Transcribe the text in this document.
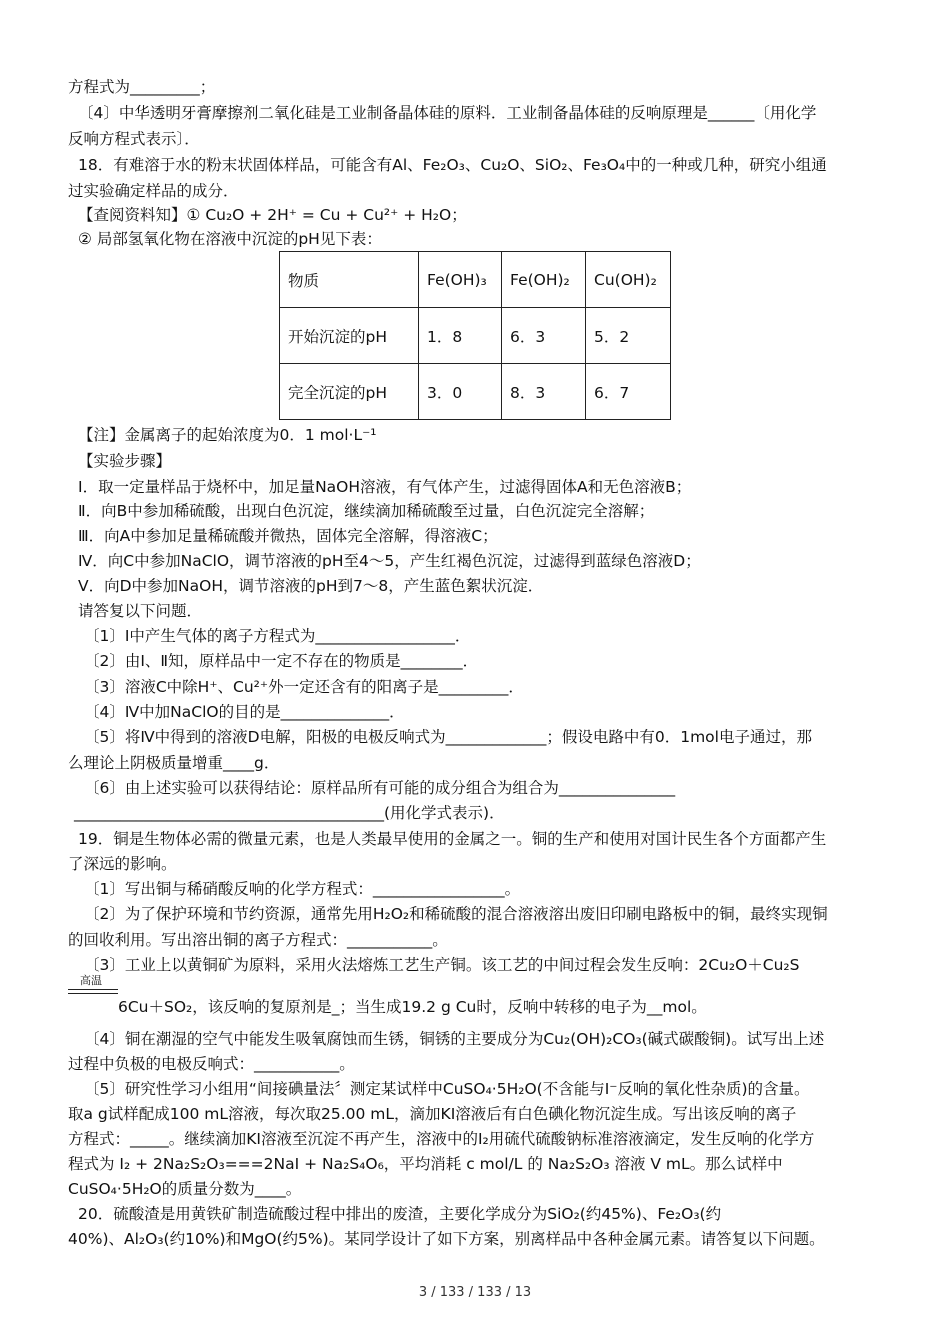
方程式为_________；
〔4〕中华透明牙膏摩擦剂二氧化硅是工业制备晶体硅的原料．工业制备晶体硅的反响原理是______〔用化学
反响方程式表示〕．
18．有难溶于水的粉末状固体样品，可能含有Al、Fe₂O₃、Cu₂O、SiO₂、Fe₃O₄中的一种或几种，研究小组通
过实验确定样品的成分．
【查阅资料知】① Cu₂O + 2H⁺ = Cu + Cu²⁺ + H₂O；
② 局部氢氧化物在溶液中沉淀的pH见下表：
物质	Fe(OH)₃	Fe(OH)₂	Cu(OH)₂
开始沉淀的pH	1．8	6．3	5．2
完全沉淀的pH	3．0	8．3	6．7
【注】金属离子的起始浓度为0．1 mol·L⁻¹
【实验步骤】
Ⅰ．取一定量样品于烧杯中，加足量NaOH溶液，有气体产生，过滤得固体A和无色溶液B；
Ⅱ．向B中参加稀硫酸，出现白色沉淀，继续滴加稀硫酸至过量，白色沉淀完全溶解；
Ⅲ．向A中参加足量稀硫酸并微热，固体完全溶解，得溶液C；
Ⅳ．向C中参加NaClO，调节溶液的pH至4～5，产生红褐色沉淀，过滤得到蓝绿色溶液D；
Ⅴ．向D中参加NaOH，调节溶液的pH到7～8，产生蓝色絮状沉淀．
请答复以下问题．
〔1〕Ⅰ中产生气体的离子方程式为__________________．
〔2〕由Ⅰ、Ⅱ知，原样品中一定不存在的物质是________．
〔3〕溶液C中除H⁺、Cu²⁺外一定还含有的阳离子是_________．
〔4〕Ⅳ中加NaClO的目的是______________．
〔5〕将Ⅳ中得到的溶液D电解，阳极的电极反响式为_____________；假设电路中有0．1mol电子通过，那
么理论上阴极质量增重____g．
〔6〕由上述实验可以获得结论：原样品所有可能的成分组合为组合为_______________
________________________________________(用化学式表示)．
19．铜是生物体必需的微量元素，也是人类最早使用的金属之一。铜的生产和使用对国计民生各个方面都产生
了深远的影响。
〔1〕写出铜与稀硝酸反响的化学方程式：_________________。
〔2〕为了保护环境和节约资源，通常先用H₂O₂和稀硫酸的混合溶液溶出废旧印刷电路板中的铜，最终实现铜
的回收利用。写出溶出铜的离子方程式：___________。
〔3〕工业上以黄铜矿为原料，采用火法熔炼工艺生产铜。该工艺的中间过程会发生反响：2Cu₂O＋Cu₂S
高温
6Cu＋SO₂，该反响的复原剂是_；当生成19.2 g Cu时，反响中转移的电子为__mol。
〔4〕铜在潮湿的空气中能发生吸氧腐蚀而生锈，铜锈的主要成分为Cu₂(OH)₂CO₃(碱式碳酸铜)。试写出上述
过程中负极的电极反响式：___________。
〔5〕研究性学习小组用“间接碘量法〞测定某试样中CuSO₄·5H₂O(不含能与I⁻反响的氧化性杂质)的含量。
取a g试样配成100 mL溶液，每次取25.00 mL，滴加KI溶液后有白色碘化物沉淀生成。写出该反响的离子
方程式：_____。继续滴加KI溶液至沉淀不再产生，溶液中的I₂用硫代硫酸钠标准溶液滴定，发生反响的化学方
程式为 I₂ + 2Na₂S₂O₃===2NaI + Na₂S₄O₆，平均消耗 c mol/L 的 Na₂S₂O₃ 溶液 V mL。那么试样中
CuSO₄·5H₂O的质量分数为____。
20．硫酸渣是用黄铁矿制造硫酸过程中排出的废渣，主要化学成分为SiO₂(约45%)、Fe₂O₃(约
40%)、Al₂O₃(约10%)和MgO(约5%)。某同学设计了如下方案，别离样品中各种金属元素。请答复以下问题。
3 / 133 / 133 / 13
